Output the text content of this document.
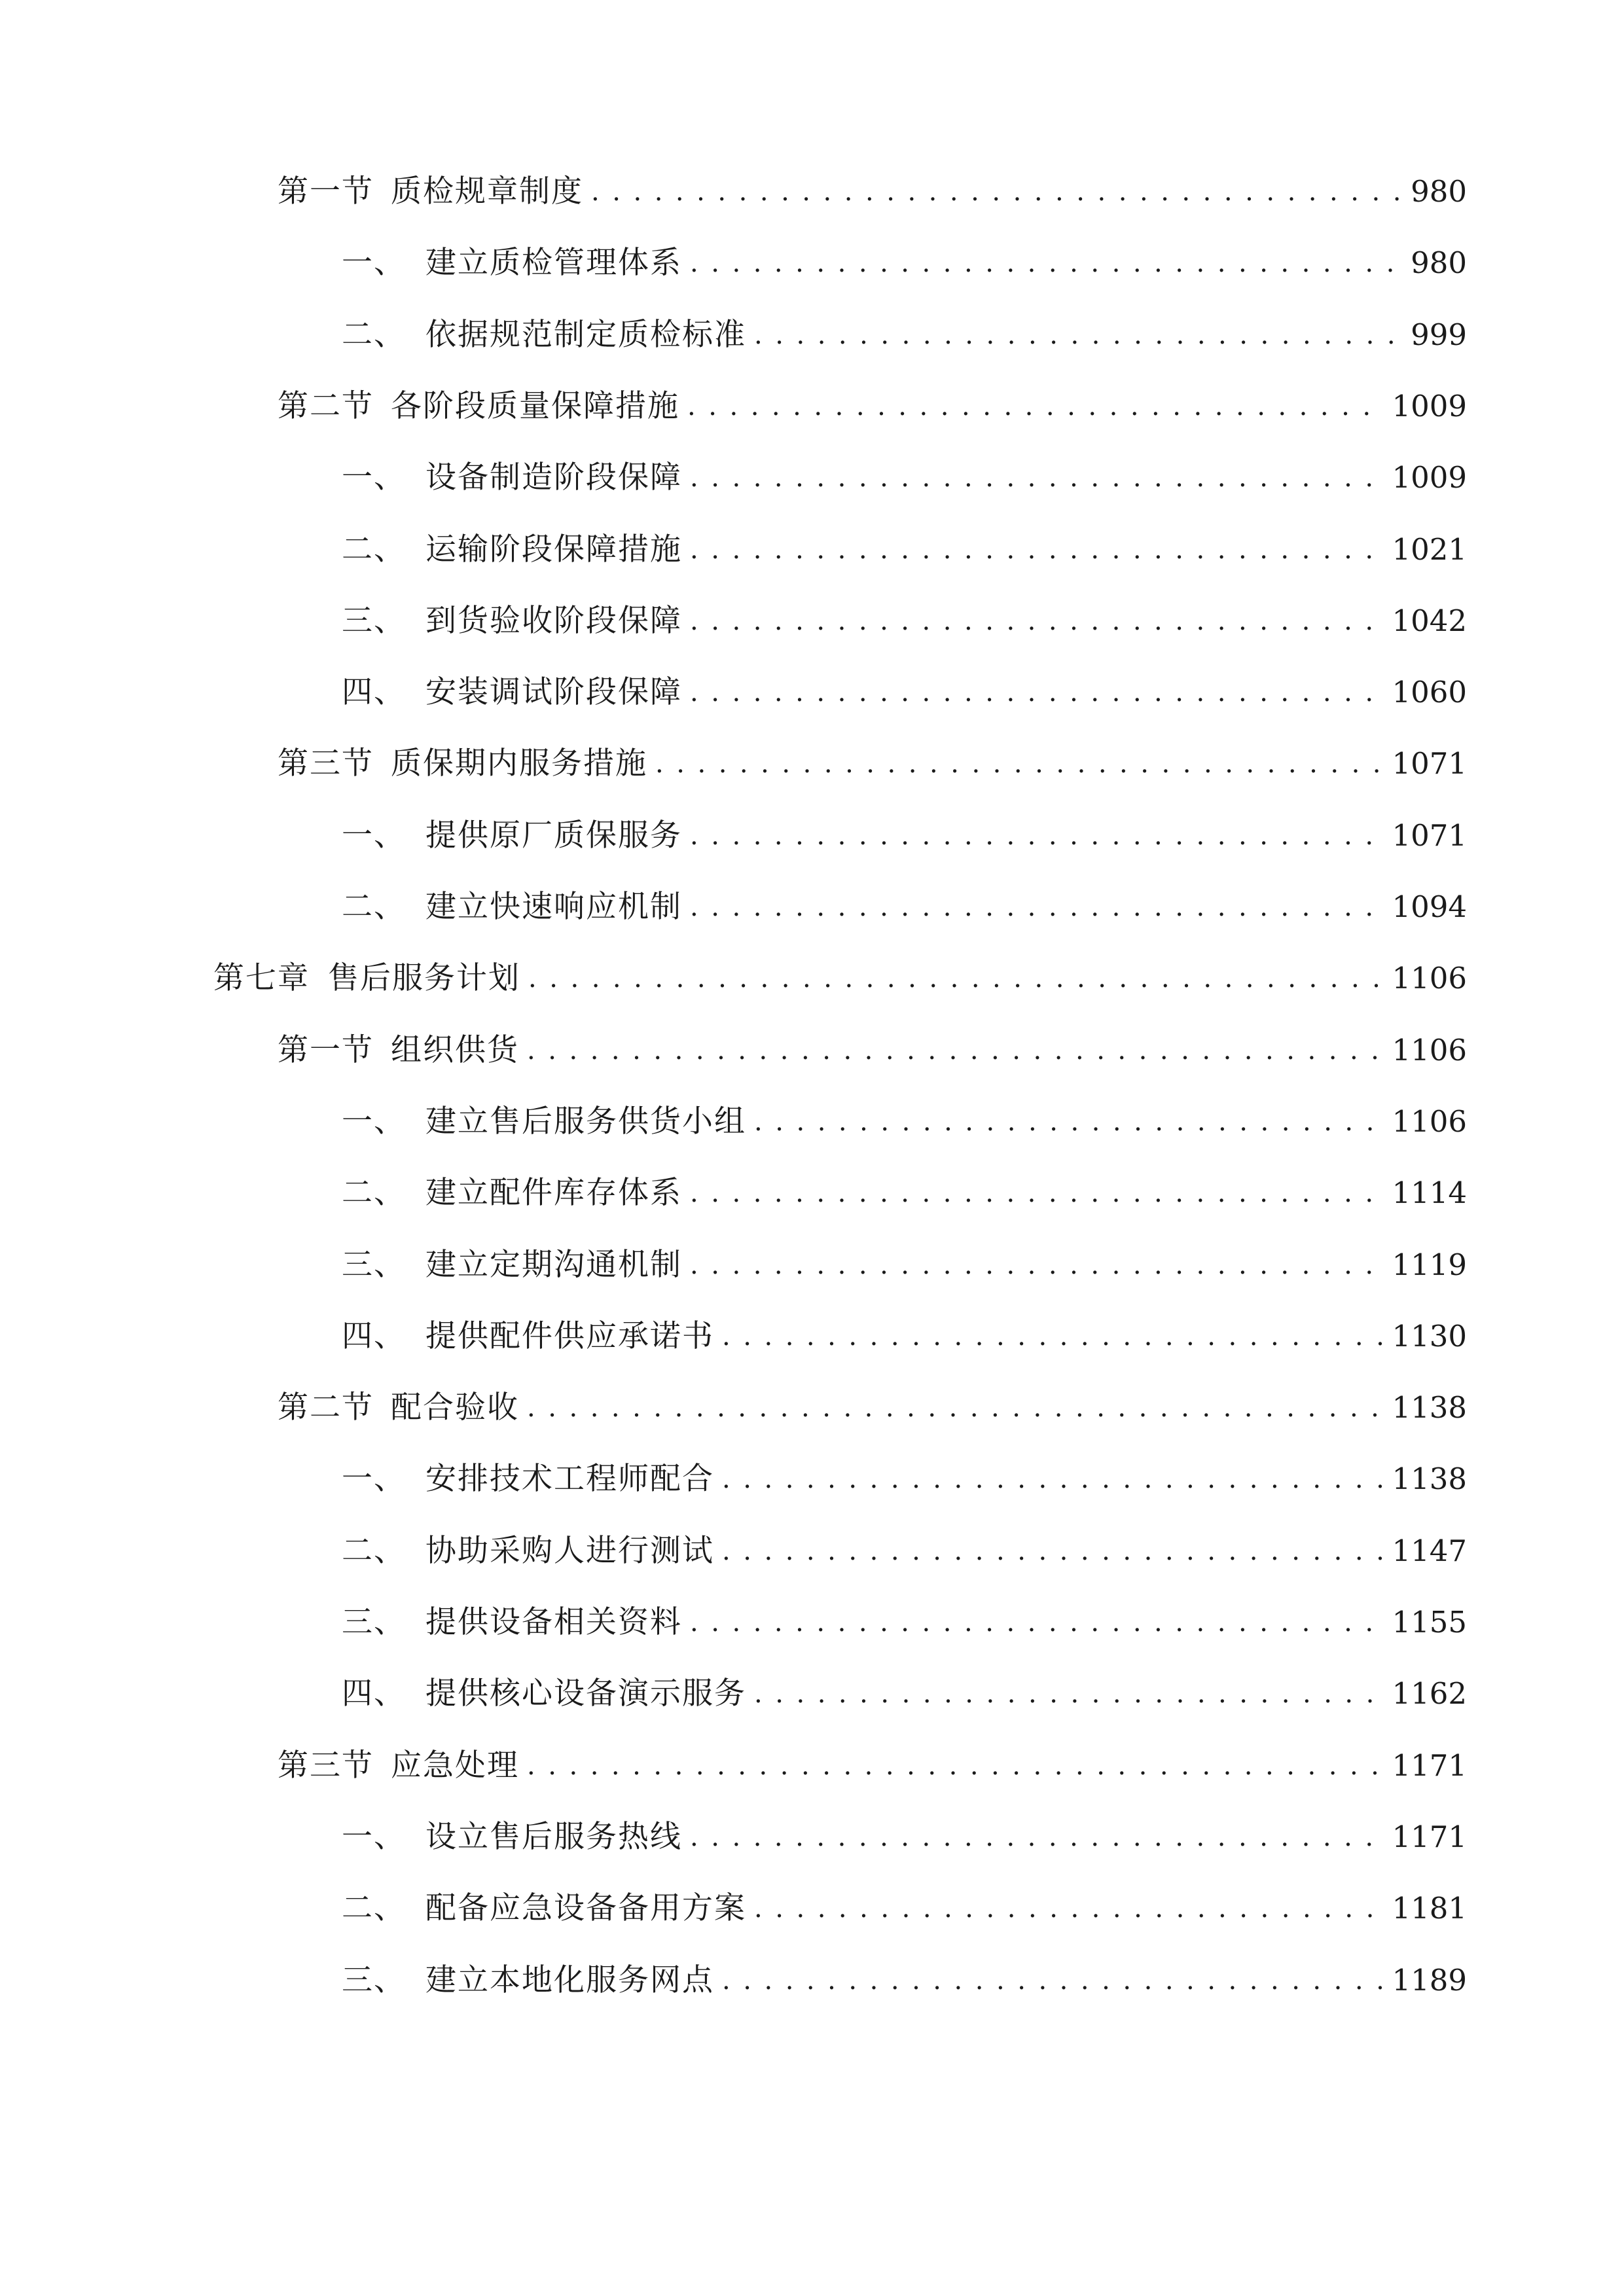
第一节 质检规章制度 . . .	980
一、 建立质检管理体系 . . .	980
二、 依据规范制定质检标准 . . .	999
第二节 各阶段质量保障措施 . . .	1009
一、 设备制造阶段保障 . . .	1009
二、 运输阶段保障措施 . . .	1021
三、 到货验收阶段保障 . . .	1042
四、 安装调试阶段保障 . . .	1060
第三节 质保期内服务措施 . . .	1071
一、 提供原厂质保服务 . . .	1071
二、 建立快速响应机制 . . .	1094
第七章 售后服务计划 . . .	1106
第一节 组织供货 . . .	1106
一、 建立售后服务供货小组 . . .	1106
二、 建立配件库存体系 . . .	1114
三、 建立定期沟通机制 . . .	1119
四、 提供配件供应承诺书 . . .	1130
第二节 配合验收 . . .	1138
一、 安排技术工程师配合 . . .	1138
二、 协助采购人进行测试 . . .	1147
三、 提供设备相关资料 . . .	1155
四、 提供核心设备演示服务 . . .	1162
第三节 应急处理 . . .	1171
一、 设立售后服务热线 . . .	1171
二、 配备应急设备备用方案 . . .	1181
三、 建立本地化服务网点 . . .	1189
